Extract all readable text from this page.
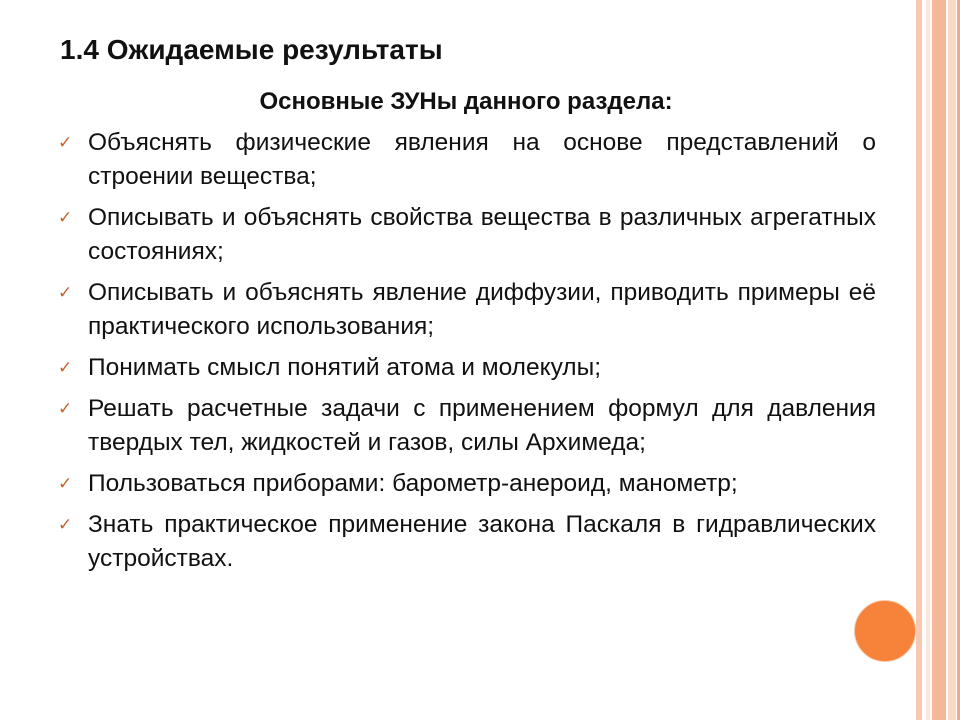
1.4 Ожидаемые результаты
Основные ЗУНы данного раздела:
✓ Объяснять физические явления на основе представлений о строении вещества;
✓ Описывать и объяснять свойства вещества в различных агрегатных состояниях;
✓ Описывать и объяснять явление диффузии, приводить примеры её практического использования;
✓ Понимать смысл понятий атома и молекулы;
✓ Решать расчетные задачи с применением формул для давления твердых тел, жидкостей и газов, силы Архимеда;
✓ Пользоваться приборами: барометр-анероид, манометр;
✓ Знать практическое применение закона Паскаля в гидравлических устройствах.
